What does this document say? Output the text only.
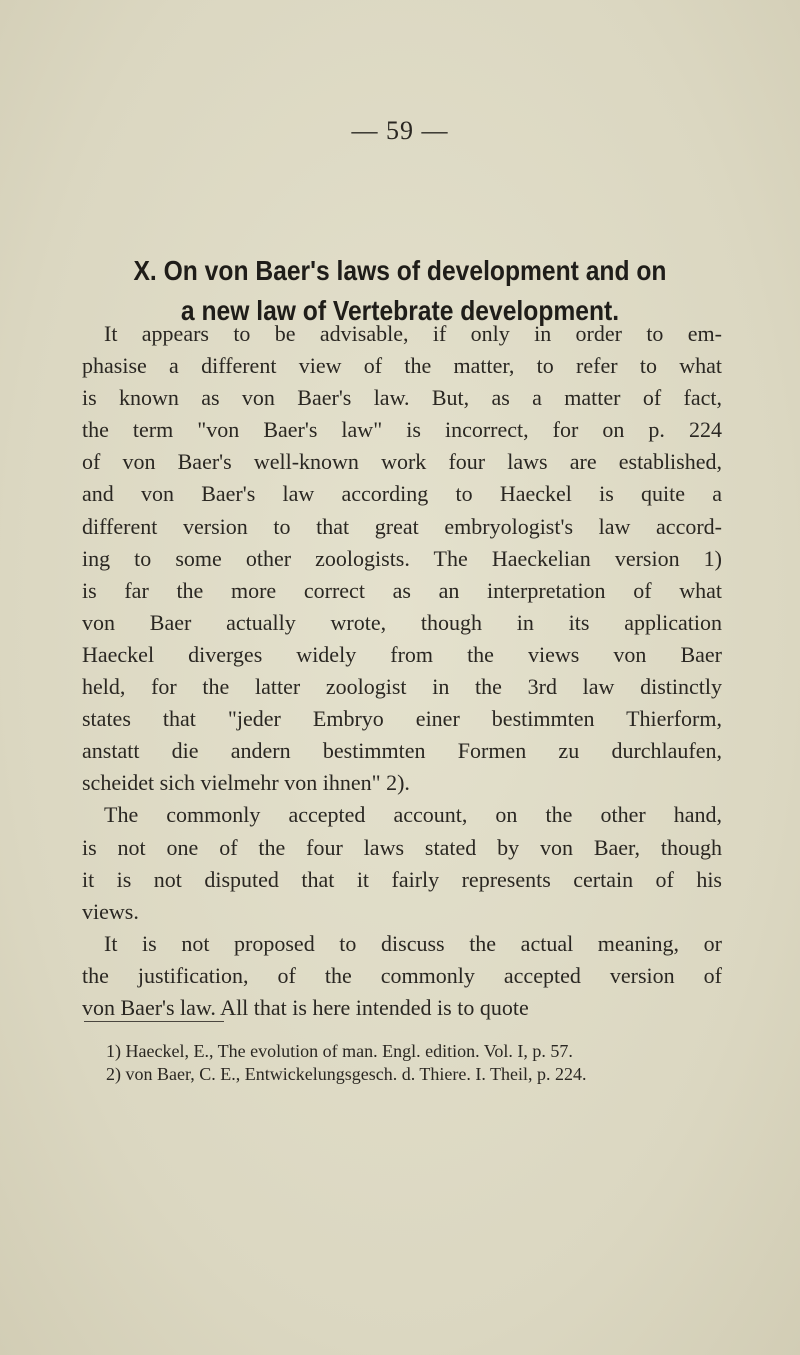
— 59 —
X. On von Baer's laws of development and on
a new law of Vertebrate development.
It appears to be advisable, if only in order to em-
phasise a different view of the matter, to refer to what
is known as von Baer's law. But, as a matter of fact,
the term "von Baer's law" is incorrect, for on p. 224
of von Baer's well-known work four laws are established,
and von Baer's law according to Haeckel is quite a
different version to that great embryologist's law accord-
ing to some other zoologists. The Haeckelian version 1)
is far the more correct as an interpretation of what
von Baer actually wrote, though in its application
Haeckel diverges widely from the views von Baer
held, for the latter zoologist in the 3rd law distinctly
states that "jeder Embryo einer bestimmten Thierform,
anstatt die andern bestimmten Formen zu durchlaufen,
scheidet sich vielmehr von ihnen" 2).
The commonly accepted account, on the other hand,
is not one of the four laws stated by von Baer, though
it is not disputed that it fairly represents certain of his
views.
It is not proposed to discuss the actual meaning, or
the justification, of the commonly accepted version of
von Baer's law. All that is here intended is to quote

1) Haeckel, E., The evolution of man. Engl. edition. Vol. I, p. 57.

2) von Baer, C. E., Entwickelungsgesch. d. Thiere. I. Theil, p. 224.
